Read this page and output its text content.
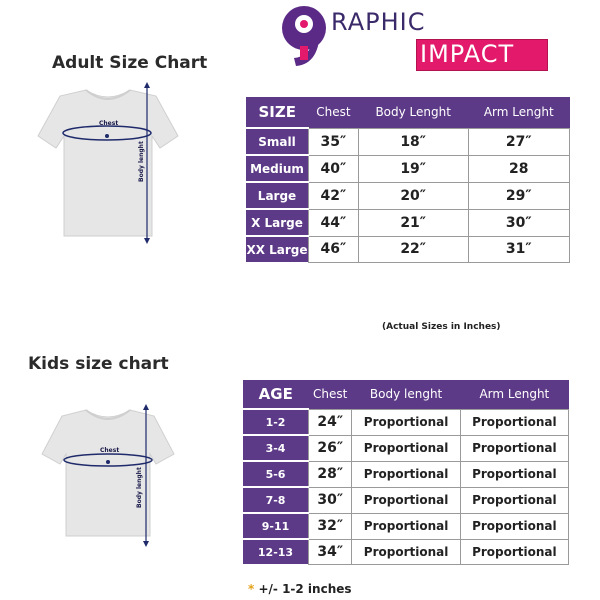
RAPHIC
IMPACT
Adult Size Chart
Chest
Body lenght
SIZE	Chest	Body Lenght	Arm Lenght
Small	35″	18″	27″
Medium	40″	19″	28
Large	42″	20″	29″
X Large	44″	21″	30″
XX Large	46″	22″	31″
(Actual Sizes in Inches)
Kids size chart
Chest
Body lenght
AGE	Chest	Body lenght	Arm Lenght
1-2	24″	Proportional	Proportional
3-4	26″	Proportional	Proportional
5-6	28″	Proportional	Proportional
7-8	30″	Proportional	Proportional
9-11	32″	Proportional	Proportional
12-13	34″	Proportional	Proportional
* +/- 1-2 inches
